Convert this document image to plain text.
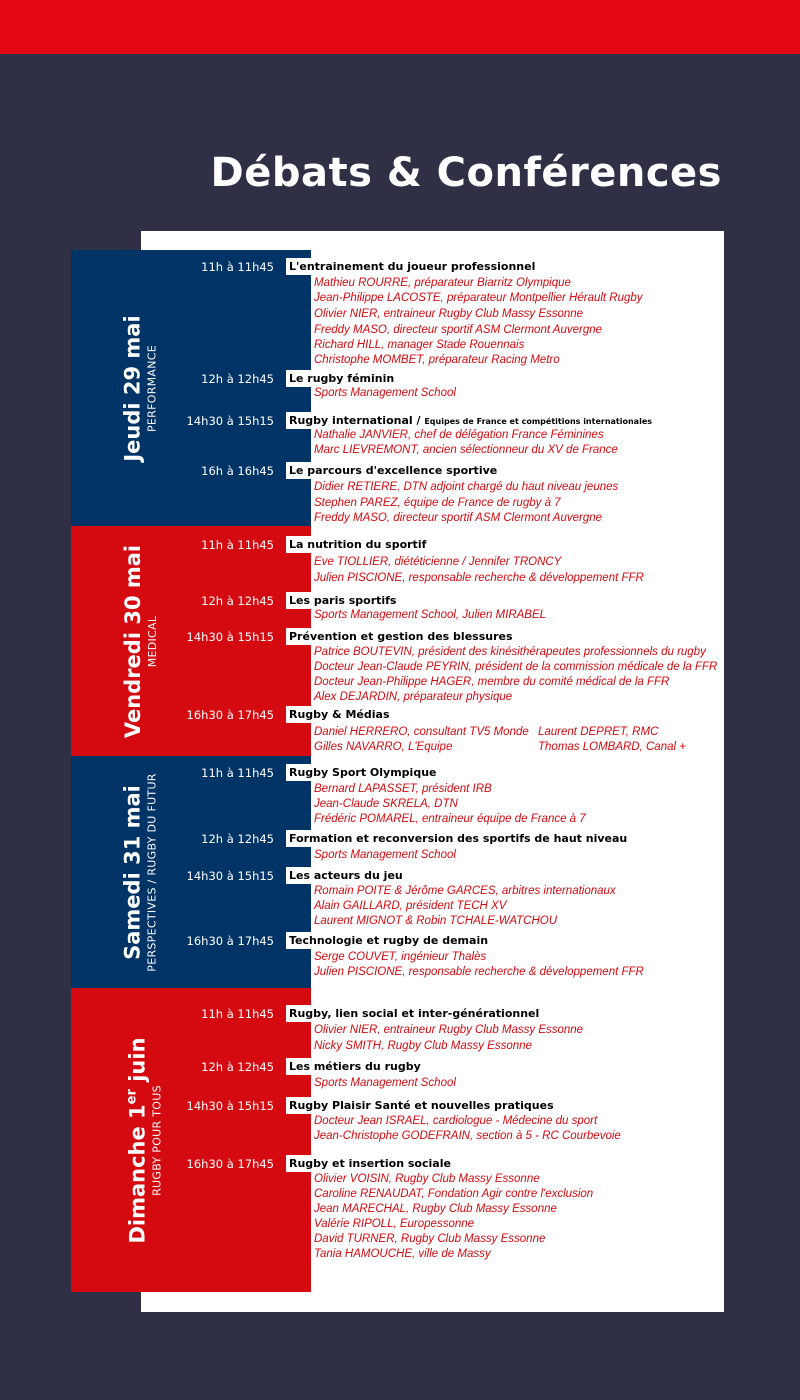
Débats & Conférences
Jeudi 29 mai PERFORMANCE
11h à 11h45 L'entrainement du joueur professionnel
Mathieu ROURRE, préparateur Biarritz Olympique
Jean-Philippe LACOSTE, préparateur Montpellier Hérault Rugby
Olivier NIER, entraineur Rugby Club Massy Essonne
Freddy MASO, directeur sportif ASM Clermont Auvergne
Richard HILL, manager Stade Rouennais
Christophe MOMBET, préparateur Racing Metro
12h à 12h45 Le rugby féminin
Sports Management School
14h30 à 15h15 Rugby international / Equipes de France et compétitions internationales
Nathalie JANVIER, chef de délégation France Féminines
Marc LIEVREMONT, ancien sélectionneur du XV de France
16h à 16h45 Le parcours d'excellence sportive
Didier RETIERE, DTN adjoint chargé du haut niveau jeunes
Stephen PAREZ, équipe de France de rugby à 7
Freddy MASO, directeur sportif ASM Clermont Auvergne
Vendredi 30 mai MEDICAL
11h à 11h45 La nutrition du sportif
Eve TIOLLIER, diététicienne / Jennifer TRONCY
Julien PISCIONE, responsable recherche & développement FFR
12h à 12h45 Les paris sportifs
Sports Management School, Julien MIRABEL
14h30 à 15h15 Prévention et gestion des blessures
Patrice BOUTEVIN, président des kinésithérapeutes professionnels du rugby
Docteur Jean-Claude PEYRIN, président de la commission médicale de la FFR
Docteur Jean-Philippe HAGER, membre du comité médical de la FFR
Alex DEJARDIN, préparateur physique
16h30 à 17h45 Rugby & Médias
Daniel HERRERO, consultant TV5 Monde
Gilles NAVARRO, L'Equipe
Laurent DEPRET, RMC
Thomas LOMBARD, Canal +
Samedi 31 mai PERSPECTIVES / RUGBY DU FUTUR	11h à 11h45 Rugby Sport Olympique
Bernard LAPASSET, président IRB
Jean-Claude SKRELA, DTN
Frédéric POMAREL, entraineur équipe de France à 7
12h à 12h45 Formation et reconversion des sportifs de haut niveau
Sports Management School
14h30 à 15h15 Les acteurs du jeu
Romain POITE & Jérôme GARCES, arbitres internationaux
Alain GAILLARD, président TECH XV
Laurent MIGNOT & Robin TCHALE-WATCHOU
16h30 à 17h45 Technologie et rugby de demain
Serge COUVET, ingénieur Thalès
Julien PISCIONE, responsable recherche & développement FFR
Dimanche 1er juin
RUGBY POUR TOUS
11h à 11h45 Rugby, lien social et inter-générationnel
Olivier NIER, entraineur Rugby Club Massy Essonne
Nicky SMITH, Rugby Club Massy Essonne
12h à 12h45 Les métiers du rugby
Sports Management School
14h30 à 15h15 Rugby Plaisir Santé et nouvelles pratiques
Docteur Jean ISRAEL, cardiologue - Médecine du sport
Jean-Christophe GODEFRAIN, section à 5 - RC Courbevoie
16h30 à 17h45 Rugby et insertion sociale
Olivier VOISIN, Rugby Club Massy Essonne
Caroline RENAUDAT, Fondation Agir contre l'exclusion
Jean MARECHAL, Rugby Club Massy Essonne
Valérie RIPOLL, Europessonne
David TURNER, Rugby Club Massy Essonne
Tania HAMOUCHE, ville de Massy
